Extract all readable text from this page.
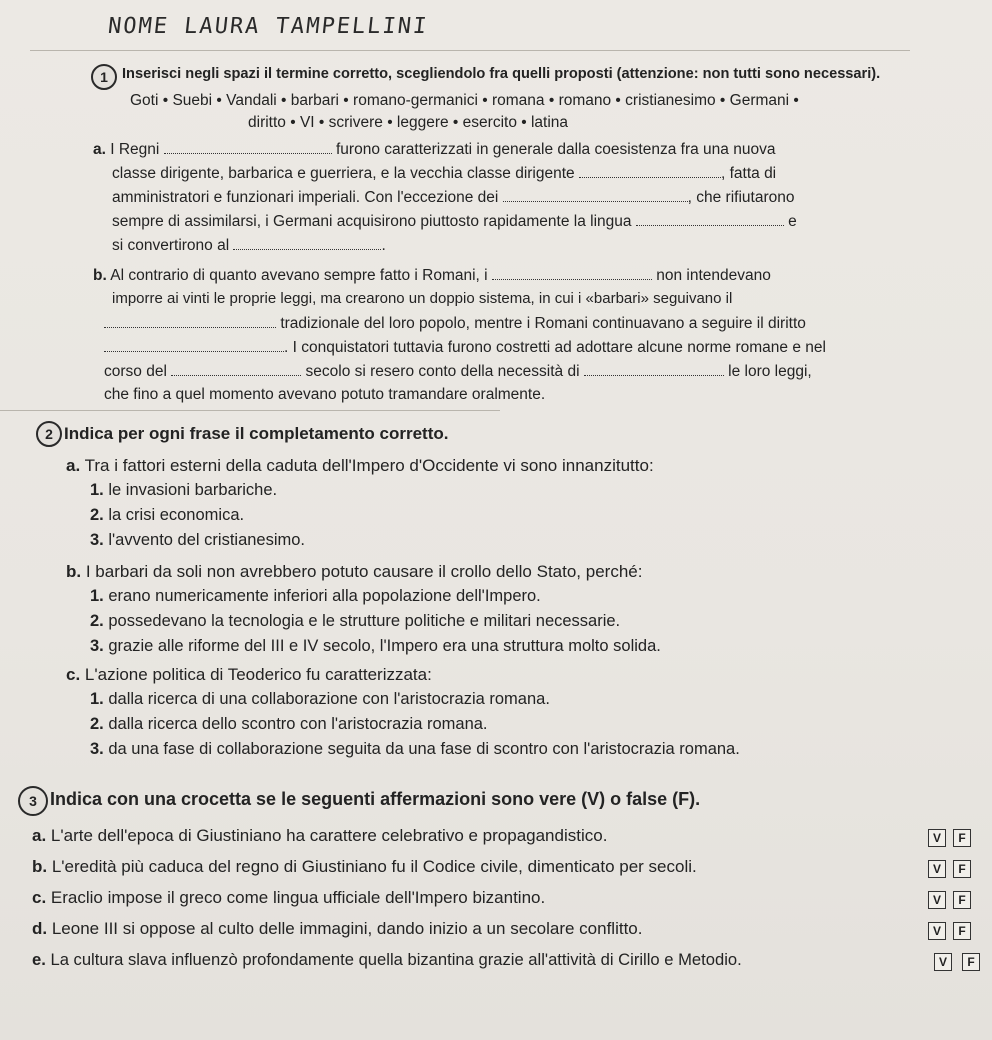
NOME LAURA TAMPELLINI
1 Inserisci negli spazi il termine corretto, scegliendolo fra quelli proposti (attenzione: non tutti sono necessari).
Goti • Suebi • Vandali • barbari • romano-germanici • romana • romano • cristianesimo • Germani •
diritto • VI • scrivere • leggere • esercito • latina
a. I Regni	furono caratterizzati in generale dalla coesistenza fra una nuova
classe dirigente, barbarica e guerriera, e la vecchia classe dirigente	, fatta di
amministratori e funzionari imperiali. Con l'eccezione dei	, che rifiutarono
sempre di assimilarsi, i Germani acquisirono piuttosto rapidamente la lingua	e
si convertirono al	.
b. Al contrario di quanto avevano sempre fatto i Romani, i	non intendevano
imporre ai vinti le proprie leggi, ma crearono un doppio sistema, in cui i «barbari» seguivano il
tradizionale del loro popolo, mentre i Romani continuavano a seguire il diritto
. I conquistatori tuttavia furono costretti ad adottare alcune norme romane e nel
corso del	secolo si resero conto della necessità di	le loro leggi,
che fino a quel momento avevano potuto tramandare oralmente.
2 Indica per ogni frase il completamento corretto.
a. Tra i fattori esterni della caduta dell'Impero d'Occidente vi sono innanzitutto:
1. le invasioni barbariche.
2. la crisi economica.
3. l'avvento del cristianesimo.
b. I barbari da soli non avrebbero potuto causare il crollo dello Stato, perché:
1. erano numericamente inferiori alla popolazione dell'Impero.
2. possedevano la tecnologia e le strutture politiche e militari necessarie.
3. grazie alle riforme del III e IV secolo, l'Impero era una struttura molto solida.
c. L'azione politica di Teoderico fu caratterizzata:
1. dalla ricerca di una collaborazione con l'aristocrazia romana.
2. dalla ricerca dello scontro con l'aristocrazia romana.
3. da una fase di collaborazione seguita da una fase di scontro con l'aristocrazia romana.
3 Indica con una crocetta se le seguenti affermazioni sono vere (V) o false (F).
a. L'arte dell'epoca di Giustiniano ha carattere celebrativo e propagandistico.	V	F
b. L'eredità più caduca del regno di Giustiniano fu il Codice civile, dimenticato per secoli.	V	F
c. Eraclio impose il greco come lingua ufficiale dell'Impero bizantino.	V	F
d. Leone III si oppose al culto delle immagini, dando inizio a un secolare conflitto.	V	F
e. La cultura slava influenzò profondamente quella bizantina grazie all'attività di Cirillo e Metodio.	V	F
